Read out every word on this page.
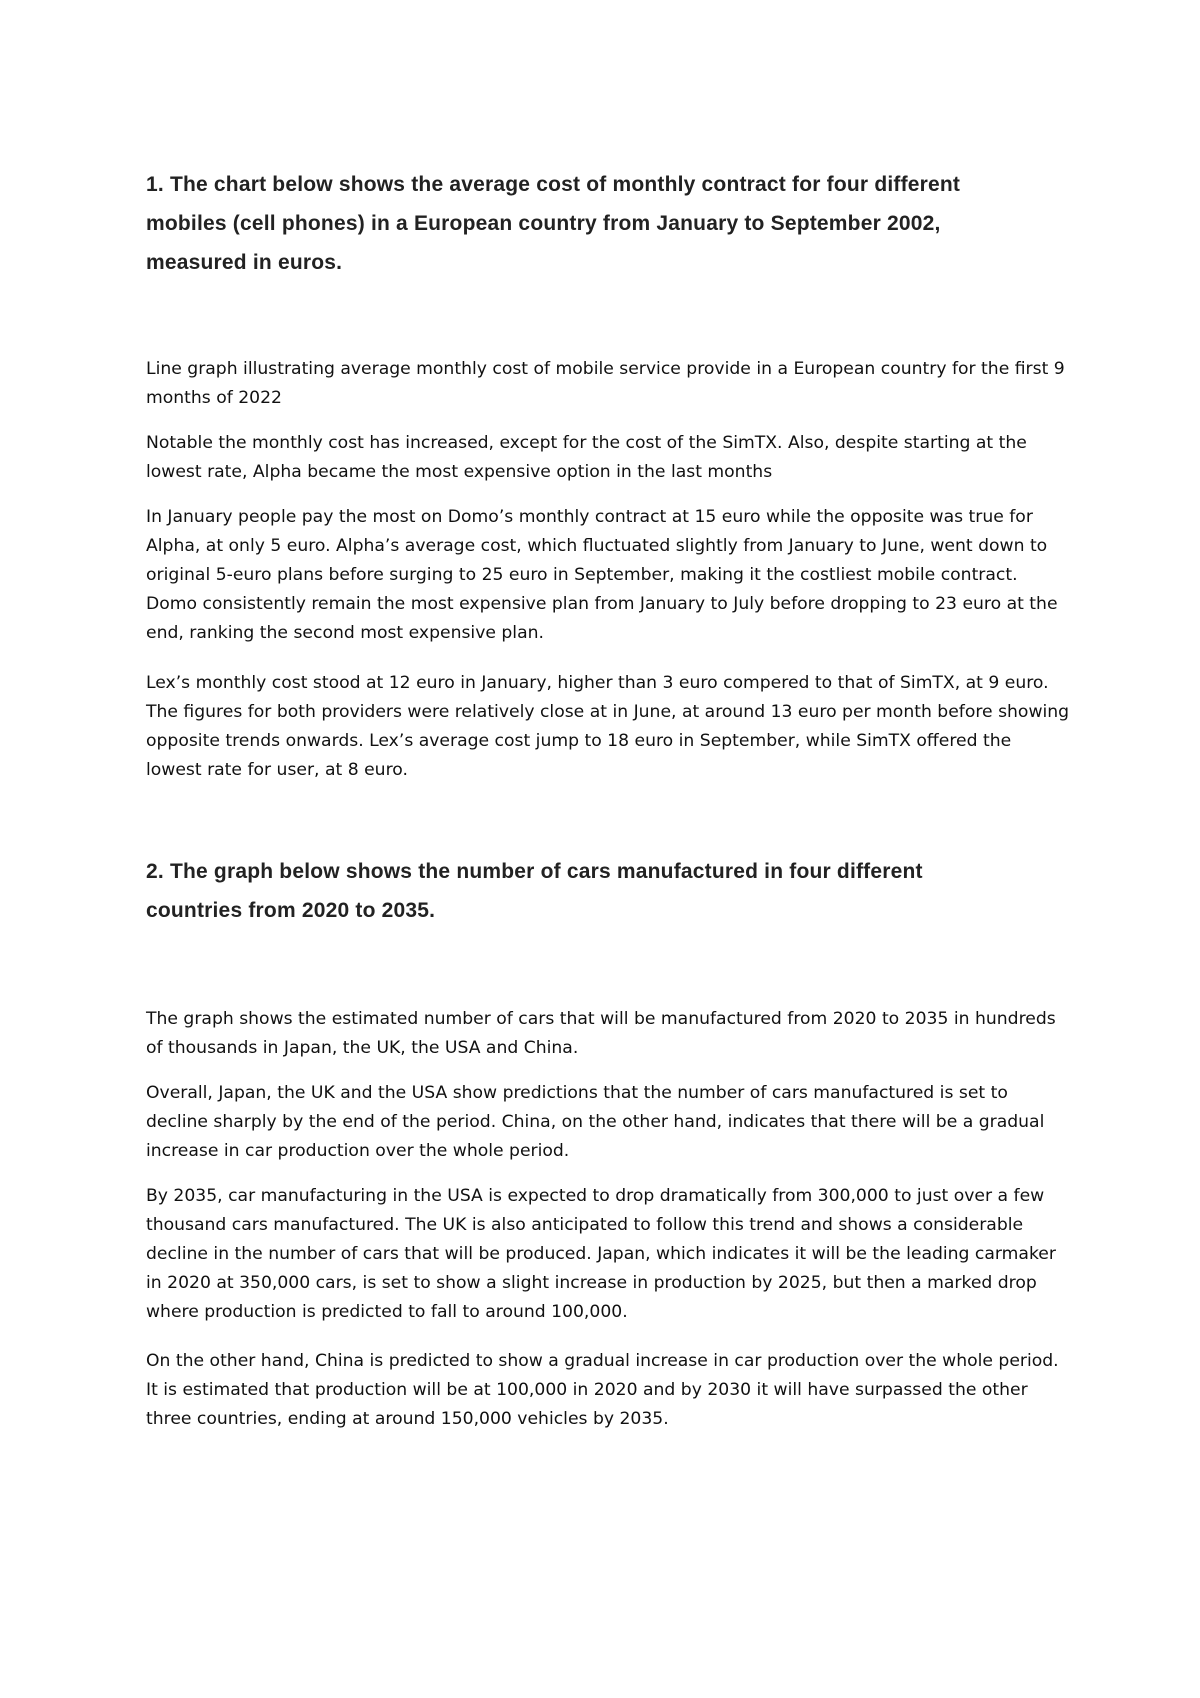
1. The chart below shows the average cost of monthly contract for four different mobiles (cell phones) in a European country from January to September 2002, measured in euros.

Line graph illustrating average monthly cost of mobile service provide in a European country for the first 9 months of 2022

Notable the monthly cost has increased, except for the cost of the SimTX. Also, despite starting at the lowest rate, Alpha became the most expensive option in the last months

In January people pay the most on Domo’s monthly contract at 15 euro while the opposite was true for Alpha, at only 5 euro. Alpha’s average cost, which fluctuated slightly from January to June, went down to original 5-euro plans before surging to 25 euro in September, making it the costliest mobile contract. Domo consistently remain the most expensive plan from January to July before dropping to 23 euro at the end, ranking the second most expensive plan.

Lex’s monthly cost stood at 12 euro in January, higher than 3 euro compered to that of SimTX, at 9 euro. The figures for both providers were relatively close at in June, at around 13 euro per month before showing opposite trends onwards. Lex’s average cost jump to 18 euro in September, while SimTX offered the lowest rate for user, at 8 euro.

2. The graph below shows the number of cars manufactured in four different countries from 2020 to 2035.

The graph shows the estimated number of cars that will be manufactured from 2020 to 2035 in hundreds of thousands in Japan, the UK, the USA and China.

Overall, Japan, the UK and the USA show predictions that the number of cars manufactured is set to decline sharply by the end of the period. China, on the other hand, indicates that there will be a gradual increase in car production over the whole period.

By 2035, car manufacturing in the USA is expected to drop dramatically from 300,000 to just over a few thousand cars manufactured. The UK is also anticipated to follow this trend and shows a considerable decline in the number of cars that will be produced. Japan, which indicates it will be the leading carmaker in 2020 at 350,000 cars, is set to show a slight increase in production by 2025, but then a marked drop where production is predicted to fall to around 100,000.

On the other hand, China is predicted to show a gradual increase in car production over the whole period. It is estimated that production will be at 100,000 in 2020 and by 2030 it will have surpassed the other three countries, ending at around 150,000 vehicles by 2035.
